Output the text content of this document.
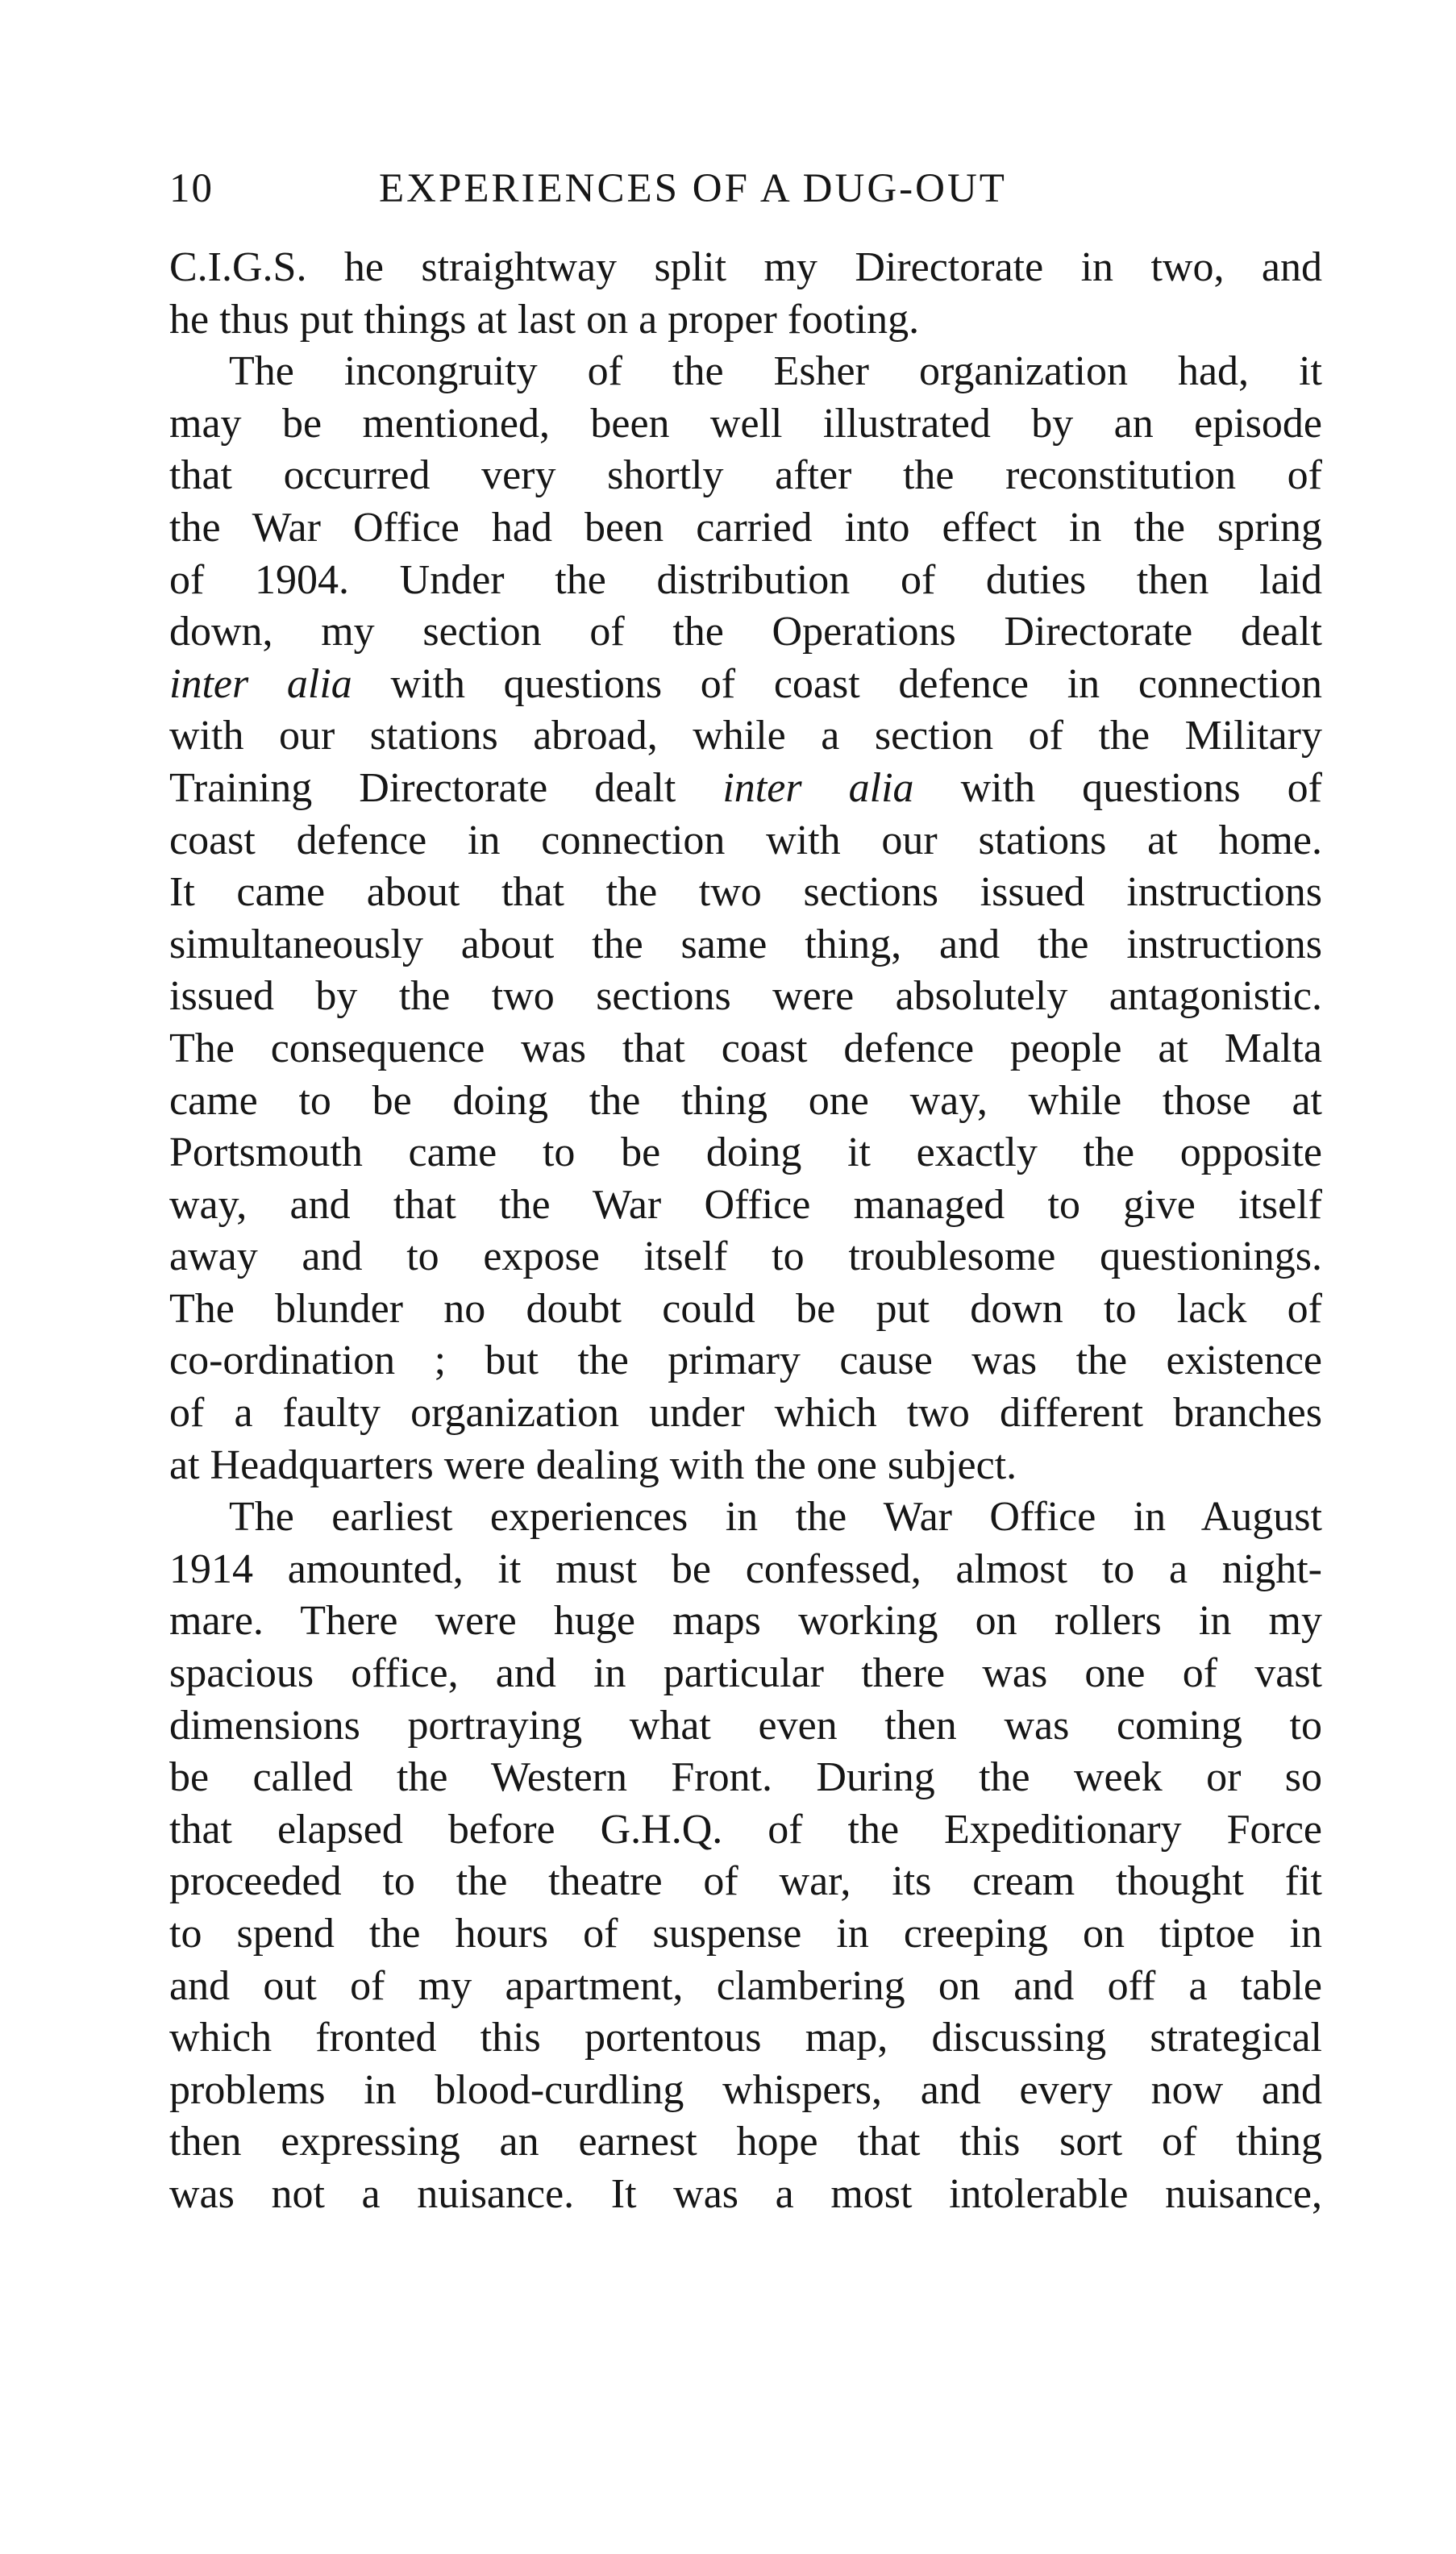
10	EXPERIENCES OF A DUG-OUT
C.I.G.S. he straightway split my Directorate in two, and
he thus put things at last on a proper footing.
The incongruity of the Esher organization had, it
may be mentioned, been well illustrated by an episode
that occurred very shortly after the reconstitution of
the War Office had been carried into effect in the spring
of 1904. Under the distribution of duties then laid
down, my section of the Operations Directorate dealt
inter alia with questions of coast defence in connection
with our stations abroad, while a section of the Military
Training Directorate dealt inter alia with questions of
coast defence in connection with our stations at home.
It came about that the two sections issued instructions
simultaneously about the same thing, and the instructions
issued by the two sections were absolutely antagonistic.
The consequence was that coast defence people at Malta
came to be doing the thing one way, while those at
Portsmouth came to be doing it exactly the opposite
way, and that the War Office managed to give itself
away and to expose itself to troublesome questionings.
The blunder no doubt could be put down to lack of
co-ordination ; but the primary cause was the existence
of a faulty organization under which two different branches
at Headquarters were dealing with the one subject.
The earliest experiences in the War Office in August
1914 amounted, it must be confessed, almost to a night-
mare. There were huge maps working on rollers in my
spacious office, and in particular there was one of vast
dimensions portraying what even then was coming to
be called the Western Front. During the week or so
that elapsed before G.H.Q. of the Expeditionary Force
proceeded to the theatre of war, its cream thought fit
to spend the hours of suspense in creeping on tiptoe in
and out of my apartment, clambering on and off a table
which fronted this portentous map, discussing strategical
problems in blood-curdling whispers, and every now and
then expressing an earnest hope that this sort of thing
was not a nuisance. It was a most intolerable nuisance,
